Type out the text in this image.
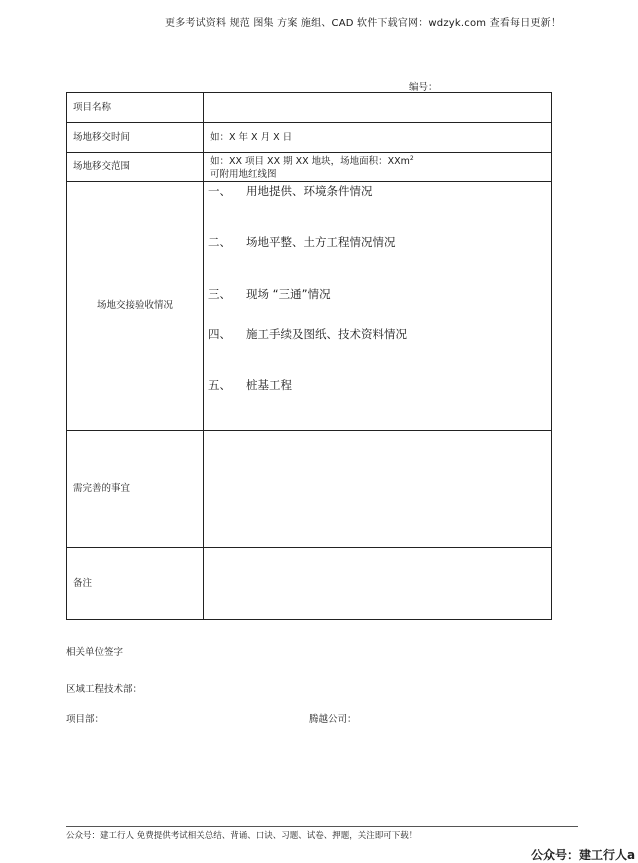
更多考试资料 规范 图集 方案 施组、CAD 软件下载官网：wdzyk.com 查看每日更新！
编号：
项目名称	
场地移交时间	如：X 年 X 月 X 日
场地移交范围	如：XX 项目 XX 期 XX 地块，场地面积：XXm$^2$
可附用地红线图

场地交接验收情况	一、 用地提供、环境条件情况
二、 场地平整、土方工程情况情况
三、 现场 “三通”情况
四、 施工手续及图纸、技术资料情况
五、 桩基工程

需完善的事宜	
备注	
相关单位签字
区域工程技术部：
项目部：	腾越公司：
公众号：建工行人 免费提供考试相关总结、背诵、口诀、习题、试卷、押题，关注即可下载！
公众号：建工行人a
